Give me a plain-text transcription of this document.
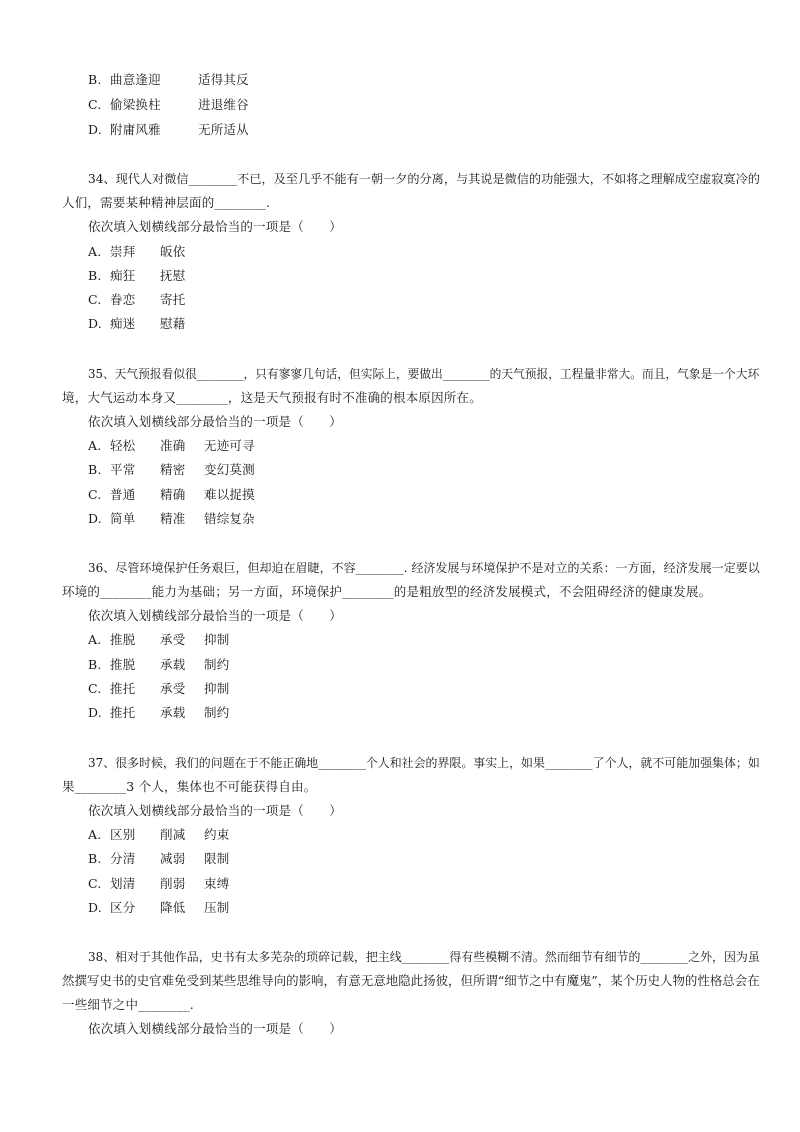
B. 曲意逢迎	适得其反
C. 偷梁换柱	进退维谷
D. 附庸风雅	无所适从
34、现代人对微信________不已，及至几乎不能有一朝一夕的分离，与其说是微信的功能强大，不如将之理解成空虚寂寞冷的
人们，需要某种精神层面的________.
依次填入划横线部分最恰当的一项是（　　）
A. 崇拜 皈依
B. 痴狂 抚慰
C. 眷恋 寄托
D. 痴迷 慰藉
35、天气预报看似很________，只有寥寥几句话，但实际上，要做出________的天气预报，工程量非常大。而且，气象是一个大环
境，大气运动本身又________，这是天气预报有时不准确的根本原因所在。
依次填入划横线部分最恰当的一项是（　　）
A. 轻松 准确 无迹可寻
B. 平常 精密 变幻莫测
C. 普通 精确 难以捉摸
D. 简单 精准 错综复杂
36、尽管环境保护任务艰巨，但却迫在眉睫，不容________. 经济发展与环境保护不是对立的关系：一方面，经济发展一定要以
环境的________能力为基础；另一方面，环境保护________的是粗放型的经济发展模式，不会阻碍经济的健康发展。
依次填入划横线部分最恰当的一项是（　　）
A. 推脱 承受 抑制
B. 推脱 承载 制约
C. 推托 承受 抑制
D. 推托 承载 制约
37、很多时候，我们的问题在于不能正确地________个人和社会的界限。事实上，如果________了个人，就不可能加强集体；如
果________3 个人，集体也不可能获得自由。
依次填入划横线部分最恰当的一项是（　　）
A. 区别 削减 约束
B. 分清 减弱 限制
C. 划清 削弱 束缚
D. 区分 降低 压制
38、相对于其他作品，史书有太多芜杂的琐碎记载，把主线________得有些模糊不清。然而细节有细节的________之外，因为虽
然撰写史书的史官难免受到某些思维导向的影响，有意无意地隐此扬彼，但所谓“细节之中有魔鬼”，某个历史人物的性格总会在
一些细节之中________.
依次填入划横线部分最恰当的一项是（　　）
